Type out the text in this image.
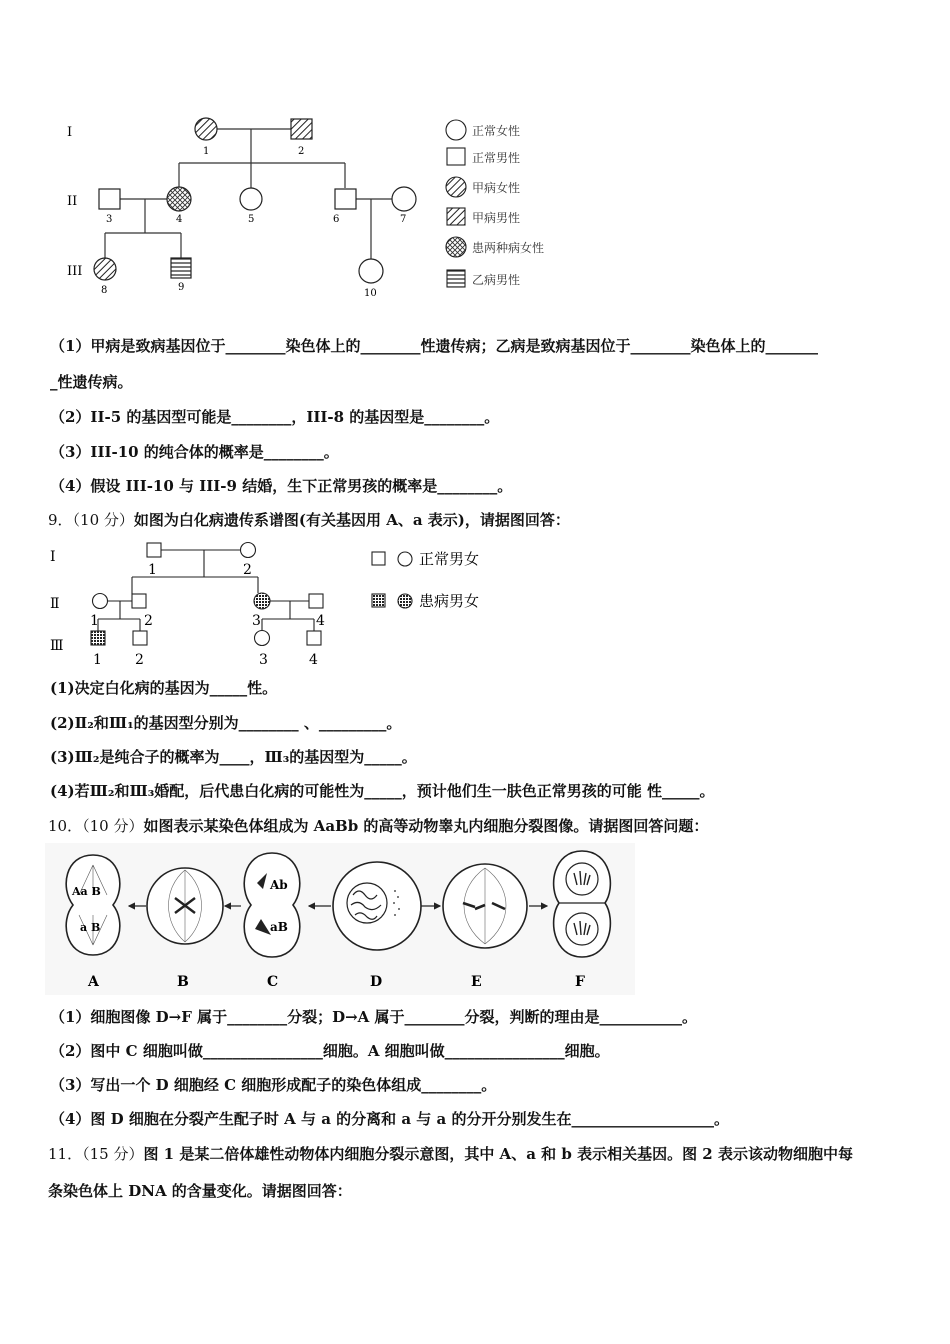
I
II
III
1	2
3	4	5	6	7
8	9
10
正常女性
正常男性
甲病女性
甲病男性
患两种病女性
乙病男性
（1）甲病是致病基因位于________染色体上的________性遗传病；乙病是致病基因位于________染色体上的_______
_性遗传病。
（2）II-5 的基因型可能是________，III-8 的基因型是________。
（3）III-10 的纯合体的概率是________。
（4）假设 III-10 与 III-9 结婚，生下正常男孩的概率是________。
9．（10 分）如图为白化病遗传系谱图(有关基因用 A、a 表示)，请据图回答：
Ⅰ
Ⅱ
Ⅲ
1	2
1	2	3	4
1 2	3	4
正常男女
患病男女
(1)决定白化病的基因为_____性。
(2)Ⅱ₂和Ⅲ₁的基因型分别为________ 、_________。
(3)Ⅲ₂是纯合子的概率为____，Ⅲ₃的基因型为_____。
(4)若Ⅲ₂和Ⅲ₃婚配，后代患白化病的可能性为_____，预计他们生一肤色正常男孩的可能 性_____。
10．（10 分）如图表示某染色体组成为 AaBb 的高等动物睾丸内细胞分裂图像。请据图回答问题：
Aa B
a B
Ab
aB
A	B	C	D	E	F
（1）细胞图像 D→F 属于________分裂；D→A 属于________分裂，判断的理由是___________。
（2）图中 C 细胞叫做________________细胞。A 细胞叫做________________细胞。
（3）写出一个 D 细胞经 C 细胞形成配子的染色体组成________。
（4）图 D 细胞在分裂产生配子时 A 与 a 的分离和 a 与 a 的分开分别发生在___________________。
11．（15 分）图 1 是某二倍体雄性动物体内细胞分裂示意图，其中 A、a 和 b 表示相关基因。图 2 表示该动物细胞中每
条染色体上 DNA 的含量变化。请据图回答：
